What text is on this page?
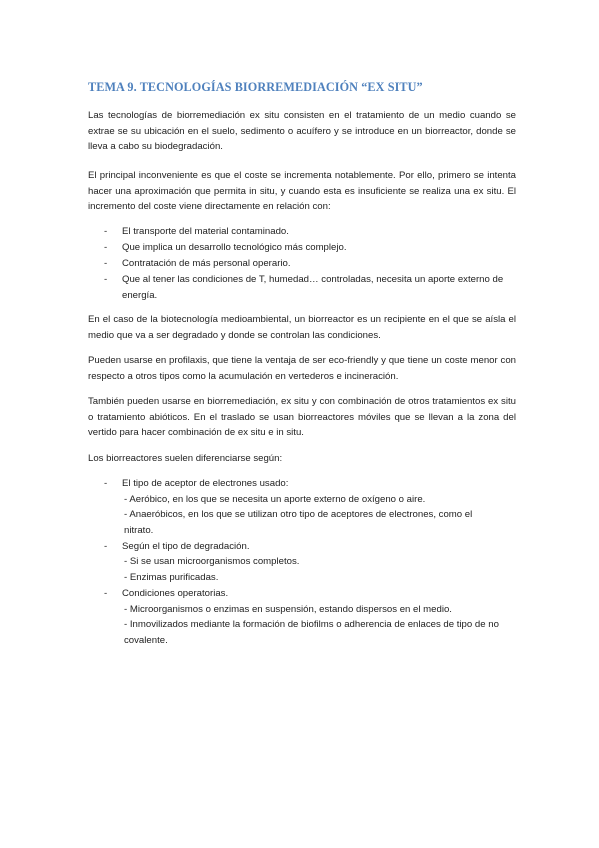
TEMA 9. TECNOLOGÍAS BIORREMEDIACIÓN “EX SITU”

Las tecnologías de biorremediación ex situ consisten en el tratamiento de un medio cuando se extrae se su ubicación en el suelo, sedimento o acuífero y se introduce en un biorreactor, donde se lleva a cabo su biodegradación.

El principal inconveniente es que el coste se incrementa notablemente. Por ello, primero se intenta hacer una aproximación que permita in situ, y cuando esta es insuficiente se realiza una ex situ. El incremento del coste viene directamente en relación con:

- El transporte del material contaminado.
- Que implica un desarrollo tecnológico más complejo.
- Contratación de más personal operario.
- Que al tener las condiciones de T, humedad… controladas, necesita un aporte externo de energía.

En el caso de la biotecnología medioambiental, un biorreactor es un recipiente en el que se aísla el medio que va a ser degradado y donde se controlan las condiciones.

Pueden usarse en profilaxis, que tiene la ventaja de ser eco-friendly y que tiene un coste menor con respecto a otros tipos como la acumulación en vertederos e incineración.

También pueden usarse en biorremediación, ex situ y con combinación de otros tratamientos ex situ o tratamiento abióticos. En el traslado se usan biorreactores móviles que se llevan a la zona del vertido para hacer combinación de ex situ e in situ.

Los biorreactores suelen diferenciarse según:

- El tipo de aceptor de electrones usado:
- Aeróbico, en los que se necesita un aporte externo de oxígeno o aire.
- Anaeróbicos, en los que se utilizan otro tipo de aceptores de electrones, como el nitrato.
- Según el tipo de degradación.
- Si se usan microorganismos completos.
- Enzimas purificadas.
- Condiciones operatorias.
- Microorganismos o enzimas en suspensión, estando dispersos en el medio.
- Inmovilizados mediante la formación de biofilms o adherencia de enlaces de tipo de no covalente.
